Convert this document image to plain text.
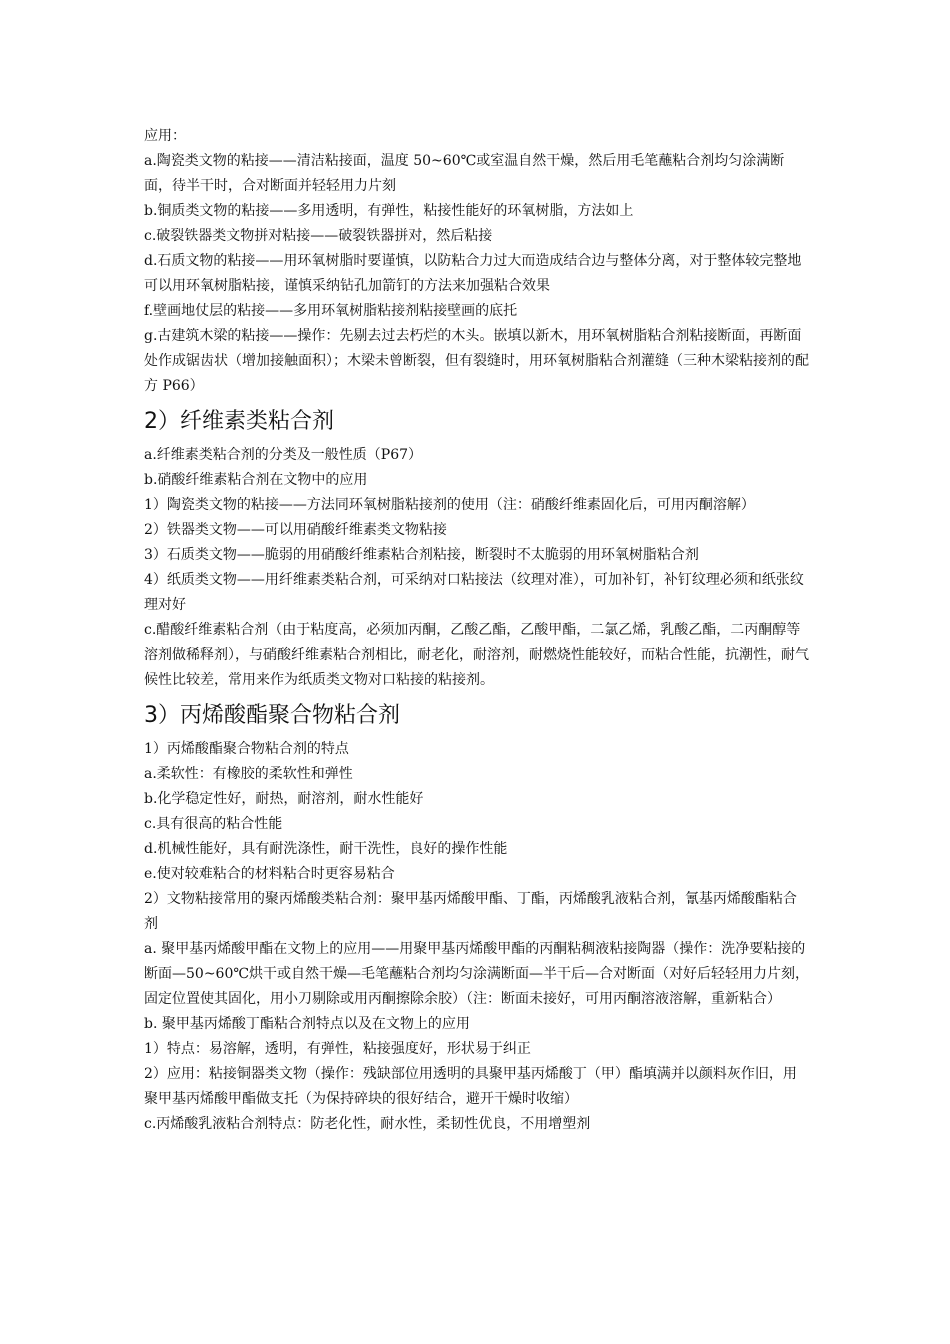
应用：

a.陶瓷类文物的粘接——清洁粘接面，温度 50~60℃或室温自然干燥，然后用毛笔蘸粘合剂均匀涂满断面，待半干时，合对断面并轻轻用力片刻

b.铜质类文物的粘接——多用透明，有弹性，粘接性能好的环氧树脂，方法如上

c.破裂铁器类文物拼对粘接——破裂铁器拼对，然后粘接

d.石质文物的粘接——用环氧树脂时要谨慎，以防粘合力过大而造成结合边与整体分离，对于整体较完整地可以用环氧树脂粘接，谨慎采纳钻孔加箭钉的方法来加强粘合效果

f.壁画地仗层的粘接——多用环氧树脂粘接剂粘接壁画的底托

g.古建筑木梁的粘接——操作：先剔去过去朽烂的木头。嵌填以新木，用环氧树脂粘合剂粘接断面，再断面处作成锯齿状（增加接触面积）；木梁未曾断裂，但有裂缝时，用环氧树脂粘合剂灌缝（三种木梁粘接剂的配方 P66）

2）纤维素类粘合剂

a.纤维素类粘合剂的分类及一般性质（P67）

b.硝酸纤维素粘合剂在文物中的应用

1）陶瓷类文物的粘接——方法同环氧树脂粘接剂的使用（注：硝酸纤维素固化后，可用丙酮溶解）

2）铁器类文物——可以用硝酸纤维素类文物粘接

3）石质类文物——脆弱的用硝酸纤维素粘合剂粘接，断裂时不太脆弱的用环氧树脂粘合剂

4）纸质类文物——用纤维素类粘合剂，可采纳对口粘接法（纹理对准），可加补钉，补钉纹理必须和纸张纹理对好

c.醋酸纤维素粘合剂（由于粘度高，必须加丙酮，乙酸乙酯，乙酸甲酯，二氯乙烯，乳酸乙酯，二丙酮醇等溶剂做稀释剂），与硝酸纤维素粘合剂相比，耐老化，耐溶剂，耐燃烧性能较好，而粘合性能，抗潮性，耐气候性比较差，常用来作为纸质类文物对口粘接的粘接剂。

3）丙烯酸酯聚合物粘合剂

1）丙烯酸酯聚合物粘合剂的特点

a.柔软性：有橡胶的柔软性和弹性

b.化学稳定性好，耐热，耐溶剂，耐水性能好

c.具有很高的粘合性能

d.机械性能好，具有耐洗涤性，耐干洗性，良好的操作性能

e.使对较难粘合的材料粘合时更容易粘合

2）文物粘接常用的聚丙烯酸类粘合剂：聚甲基丙烯酸甲酯、丁酯，丙烯酸乳液粘合剂，氰基丙烯酸酯粘合剂

a. 聚甲基丙烯酸甲酯在文物上的应用——用聚甲基丙烯酸甲酯的丙酮粘稠液粘接陶器（操作：洗净要粘接的断面—50~60℃烘干或自然干燥—毛笔蘸粘合剂均匀涂满断面—半干后—合对断面（对好后轻轻用力片刻，固定位置使其固化，用小刀剔除或用丙酮擦除余胶）（注：断面未接好，可用丙酮溶液溶解，重新粘合）

b. 聚甲基丙烯酸丁酯粘合剂特点以及在文物上的应用

1）特点：易溶解，透明，有弹性，粘接强度好，形状易于纠正

2）应用：粘接铜器类文物（操作：残缺部位用透明的具聚甲基丙烯酸丁（甲）酯填满并以颜料灰作旧，用聚甲基丙烯酸甲酯做支托（为保持碎块的很好结合，避开干燥时收缩）

c.丙烯酸乳液粘合剂特点：防老化性，耐水性，柔韧性优良，不用增塑剂
